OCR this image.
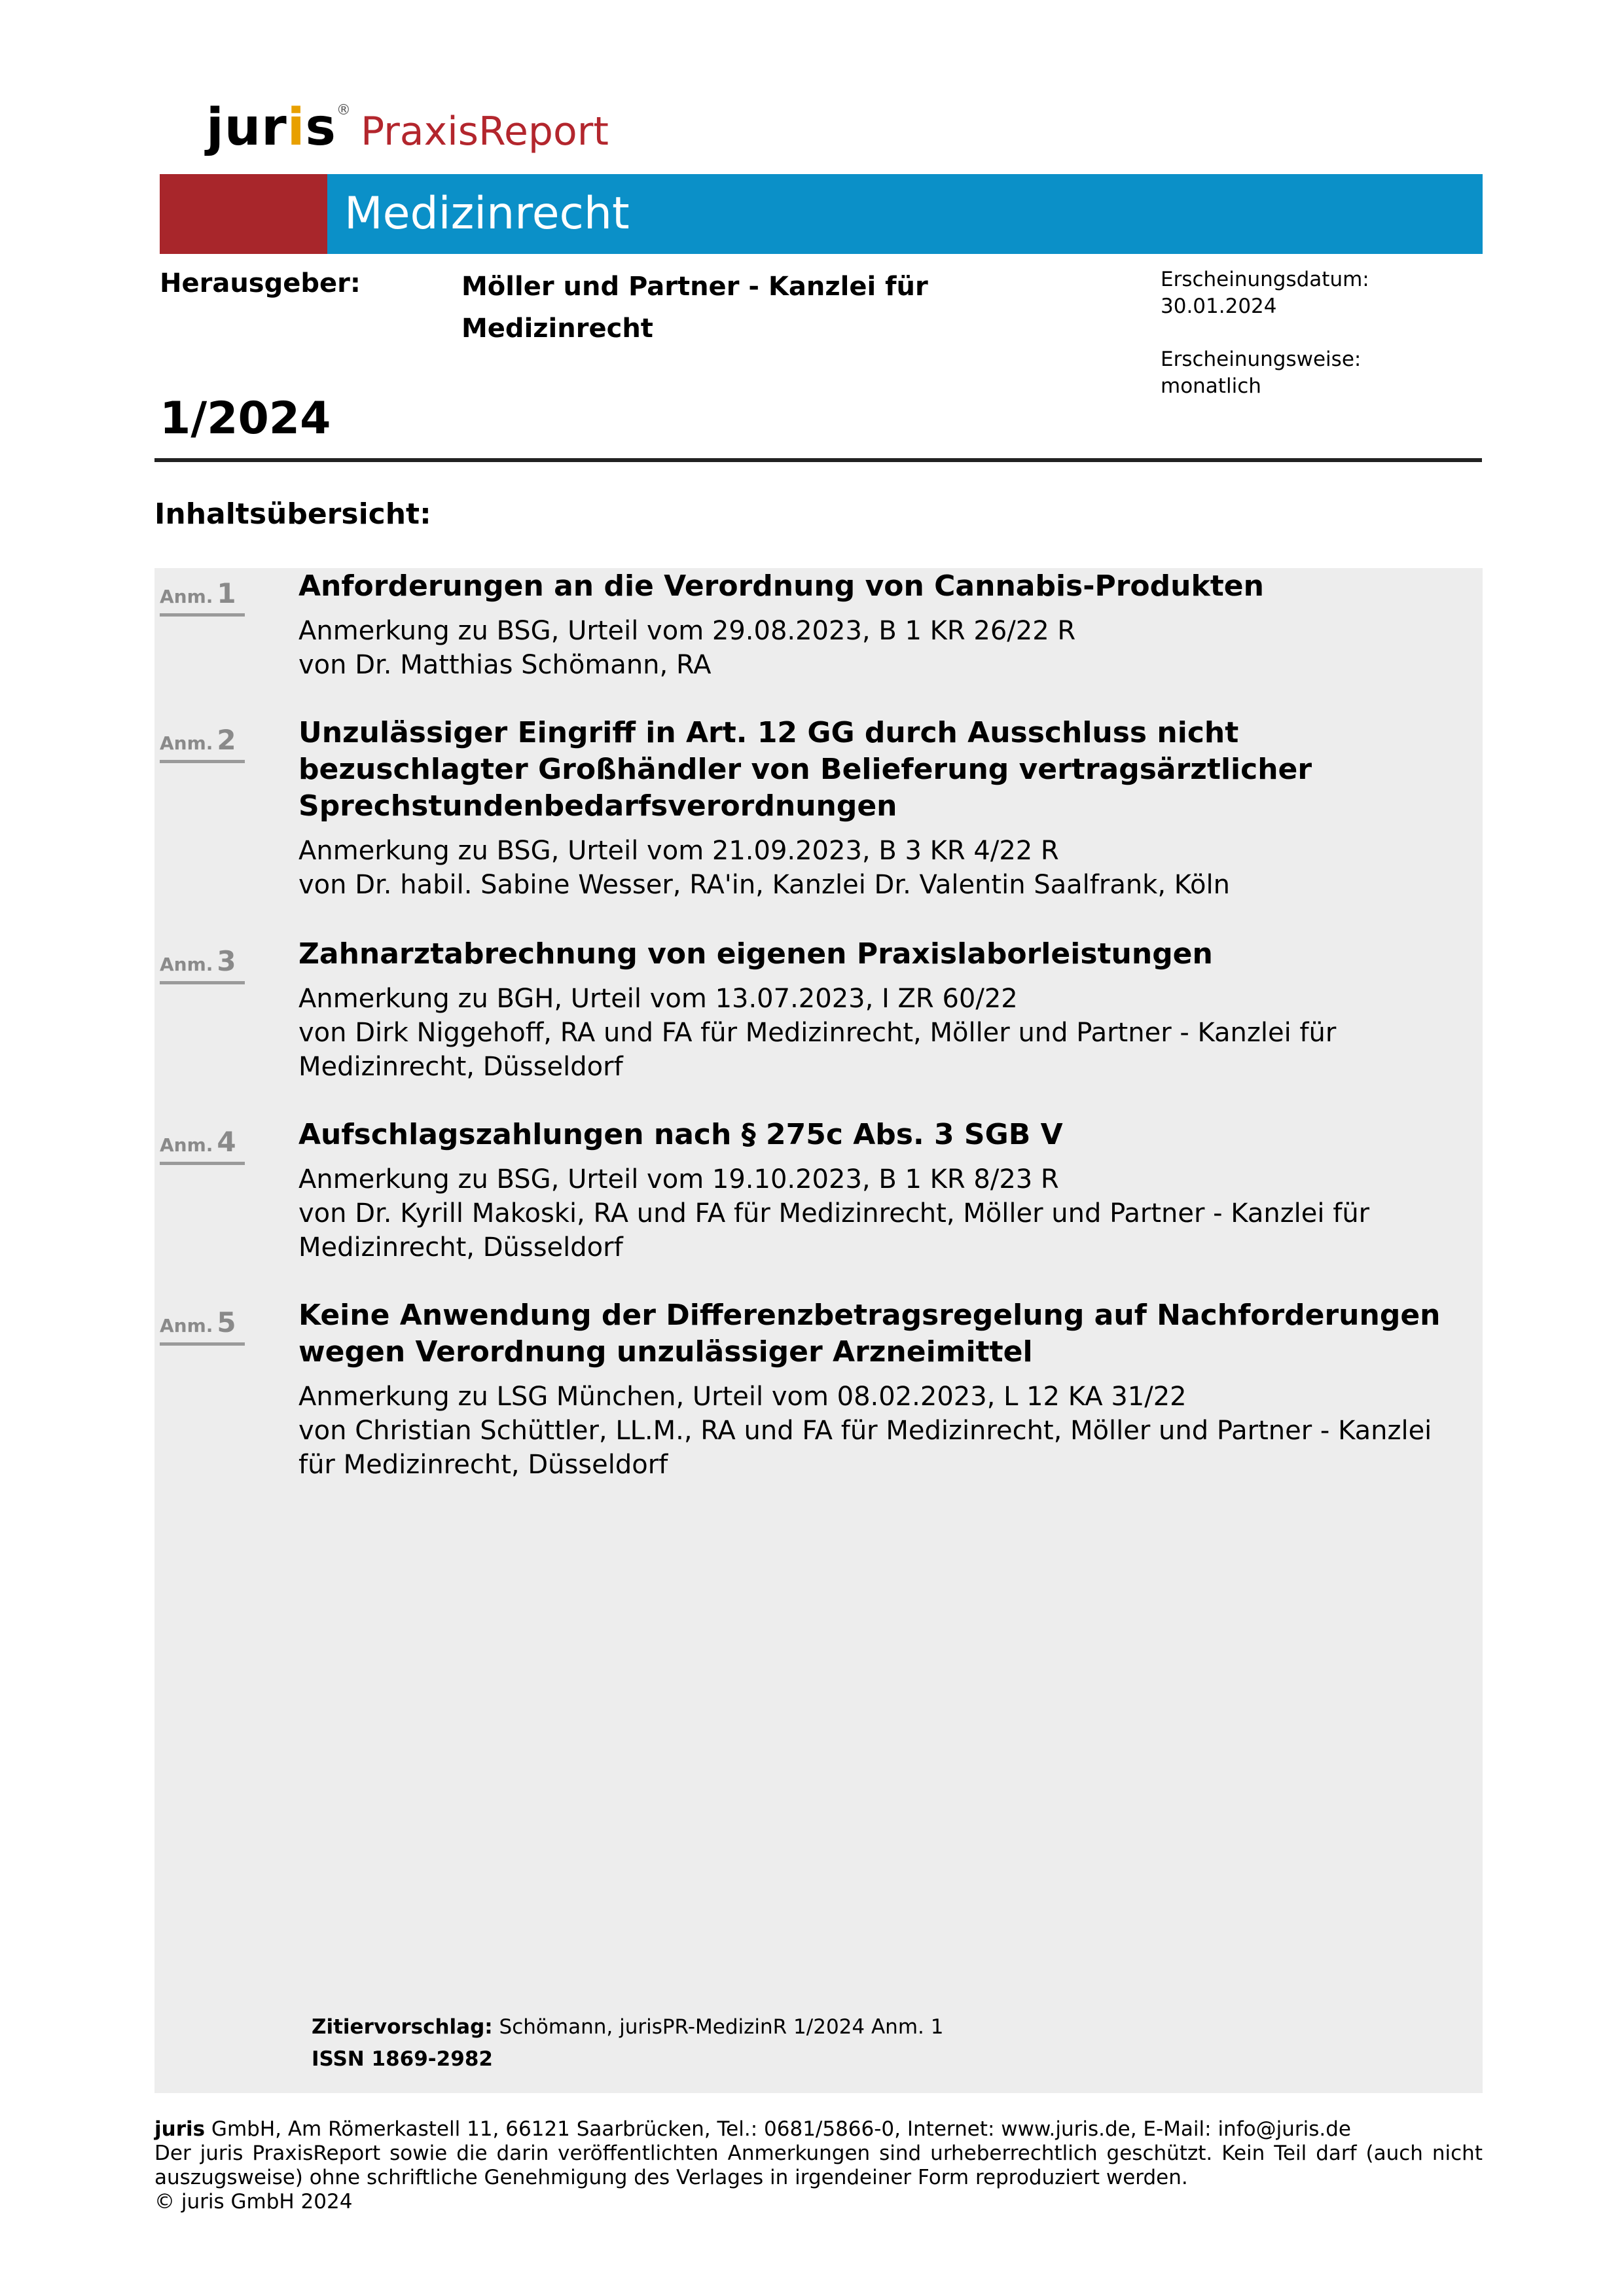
juris® PraxisReport
Medizinrecht
Herausgeber:	Möller und Partner - Kanzlei für Medizinrecht
Erscheinungsdatum:
30.01.2024
Erscheinungsweise:
monatlich
1/2024
Inhaltsübersicht:
Anm. 1	Anforderungen an die Verordnung von Cannabis-Produkten
Anmerkung zu BSG, Urteil vom 29.08.2023, B 1 KR 26/22 R
von Dr. Matthias Schömann, RA
Anm. 2	Unzulässiger Eingriff in Art. 12 GG durch Ausschluss nicht bezuschlagter Großhändler von Belieferung vertragsärztlicher Sprechstundenbedarfsverordnungen
Anmerkung zu BSG, Urteil vom 21.09.2023, B 3 KR 4/22 R
von Dr. habil. Sabine Wesser, RA'in, Kanzlei Dr. Valentin Saalfrank, Köln
Anm. 3	Zahnarztabrechnung von eigenen Praxislaborleistungen
Anmerkung zu BGH, Urteil vom 13.07.2023, I ZR 60/22
von Dirk Niggehoff, RA und FA für Medizinrecht, Möller und Partner - Kanzlei für Medizinrecht, Düsseldorf
Anm. 4	Aufschlagszahlungen nach § 275c Abs. 3 SGB V
Anmerkung zu BSG, Urteil vom 19.10.2023, B 1 KR 8/23 R
von Dr. Kyrill Makoski, RA und FA für Medizinrecht, Möller und Partner - Kanzlei für Medizinrecht, Düsseldorf
Anm. 5	Keine Anwendung der Differenzbetragsregelung auf Nachforderungen wegen Verordnung unzulässiger Arzneimittel
Anmerkung zu LSG München, Urteil vom 08.02.2023, L 12 KA 31/22
von Christian Schüttler, LL.M., RA und FA für Medizinrecht, Möller und Partner - Kanzlei für Medizinrecht, Düsseldorf
Zitiervorschlag: Schömann, jurisPR-MedizinR 1/2024 Anm. 1
ISSN 1869-2982
juris GmbH, Am Römerkastell 11, 66121 Saarbrücken, Tel.: 0681/5866-0, Internet: www.juris.de, E-Mail: info@juris.de
Der juris PraxisReport sowie die darin veröffentlichten Anmerkungen sind urheberrechtlich geschützt. Kein Teil darf (auch nicht auszugsweise) ohne schriftliche Genehmigung des Verlages in irgendeiner Form reproduziert werden.
© juris GmbH 2024
